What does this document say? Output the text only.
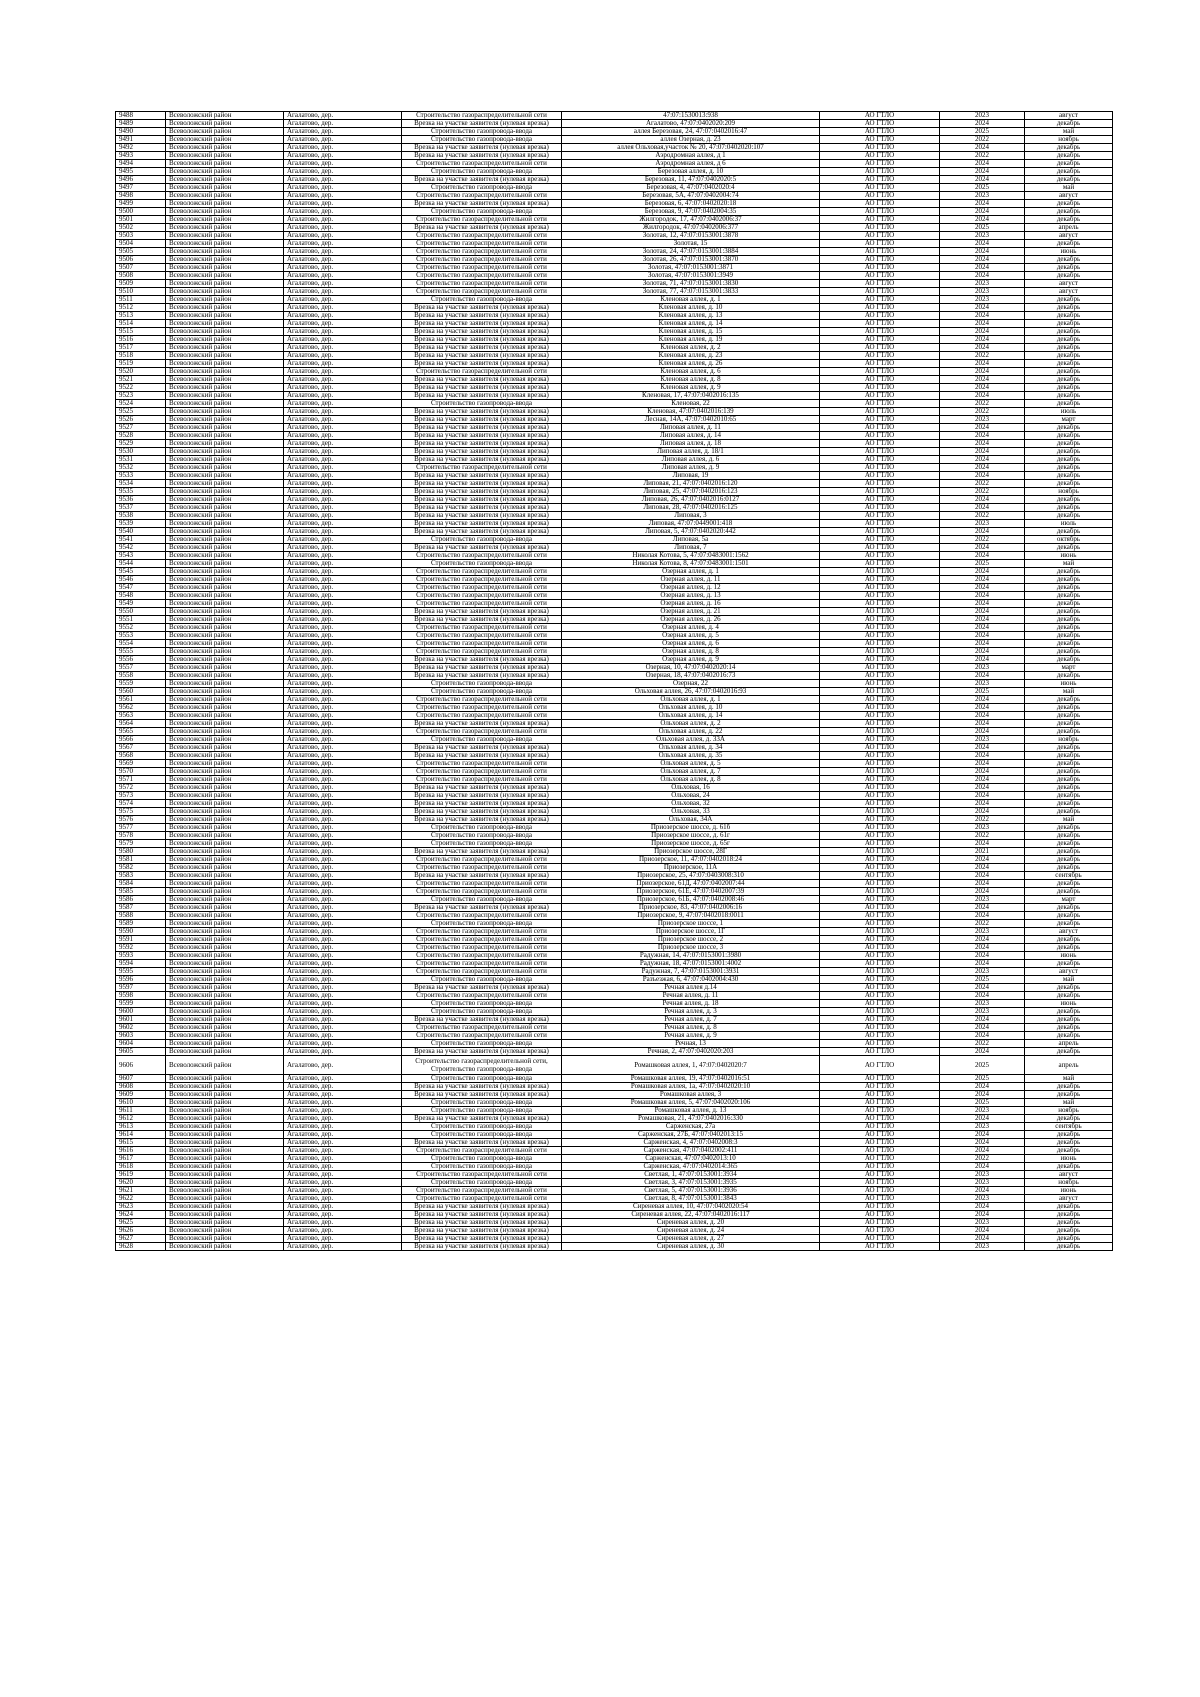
9488	Всеволожский район	Агалатово, дер.	Строительство газораспределительной сети	47:07:1530013:938	АО ГТЛО	2023	август
9489	Всеволожский район	Агалатово, дер.	Врезка на участке заявителя (нулевая врезка)	Агалатово, 47:07:0402020:209	АО ГТЛО	2024	декабрь
9490	Всеволожский район	Агалатово, дер.	Строительство газопровода-ввода	аллея Березовая, 24, 47:07:0402016:47	АО ГТЛО	2025	май
9491	Всеволожский район	Агалатово, дер.	Строительство газопровода-ввода	аллея Озерная, д. 23	АО ГТЛО	2022	ноябрь
9492	Всеволожский район	Агалатово, дер.	Врезка на участке заявителя (нулевая врезка)	аллея Ольховая,участок № 20, 47:07:0402020:107	АО ГТЛО	2024	декабрь
9493	Всеволожский район	Агалатово, дер.	Врезка на участке заявителя (нулевая врезка)	Аэродромная аллея, д 1	АО ГТЛО	2022	декабрь
9494	Всеволожский район	Агалатово, дер.	Строительство газораспределительной сети	Аэродромная аллея, д 6	АО ГТЛО	2024	декабрь
9495	Всеволожский район	Агалатово, дер.	Строительство газопровода-ввода	Березовая аллея, д. 10	АО ГТЛО	2024	декабрь
9496	Всеволожский район	Агалатово, дер.	Врезка на участке заявителя (нулевая врезка)	Березовая, 11, 47:07:0402020:5	АО ГТЛО	2024	декабрь
9497	Всеволожский район	Агалатово, дер.	Строительство газопровода-ввода	Березовая, 4, 47:07:0402020:4	АО ГТЛО	2025	май
9498	Всеволожский район	Агалатово, дер.	Строительство газораспределительной сети	Березовая, 5А, 47:07:0402004:74	АО ГТЛО	2023	август
9499	Всеволожский район	Агалатово, дер.	Врезка на участке заявителя (нулевая врезка)	Березовая, 6, 47:07:0402020:18	АО ГТЛО	2024	декабрь
9500	Всеволожский район	Агалатово, дер.	Строительство газопровода-ввода	Березовая, 9, 47:07:0402004:35	АО ГТЛО	2024	декабрь
9501	Всеволожский район	Агалатово, дер.	Строительство газораспределительной сети	Жилгородок, 17, 47:07:0402006:37	АО ГТЛО	2024	декабрь
9502	Всеволожский район	Агалатово, дер.	Врезка на участке заявителя (нулевая врезка)	Жилгородок, 47:07:0402006:377	АО ГТЛО	2025	апрель
9503	Всеволожский район	Агалатово, дер.	Строительство газораспределительной сети	Золотая, 12, 47:07:0153001:3878	АО ГТЛО	2023	август
9504	Всеволожский район	Агалатово, дер.	Строительство газораспределительной сети	Золотая, 15	АО ГТЛО	2024	декабрь
9505	Всеволожский район	Агалатово, дер.	Строительство газораспределительной сети	Золотая, 24, 47:07:0153001:3884	АО ГТЛО	2024	июнь
9506	Всеволожский район	Агалатово, дер.	Строительство газораспределительной сети	Золотая, 26, 47:07:0153001:3870	АО ГТЛО	2024	декабрь
9507	Всеволожский район	Агалатово, дер.	Строительство газораспределительной сети	Золотая, 47:07:0153001:3871	АО ГТЛО	2024	декабрь
9508	Всеволожский район	Агалатово, дер.	Строительство газораспределительной сети	Золотая, 47:07:0153001:3949	АО ГТЛО	2024	декабрь
9509	Всеволожский район	Агалатово, дер.	Строительство газораспределительной сети	Золотая, 71, 47:07:0153001:3830	АО ГТЛО	2023	август
9510	Всеволожский район	Агалатово, дер.	Строительство газораспределительной сети	Золотая, 77, 47:07:0153001:3833	АО ГТЛО	2023	август
9511	Всеволожский район	Агалатово, дер.	Строительство газопровода-ввода	Кленовая аллея, д. 1	АО ГТЛО	2023	декабрь
9512	Всеволожский район	Агалатово, дер.	Врезка на участке заявителя (нулевая врезка)	Кленовая аллея, д. 10	АО ГТЛО	2024	декабрь
9513	Всеволожский район	Агалатово, дер.	Врезка на участке заявителя (нулевая врезка)	Кленовая аллея, д. 13	АО ГТЛО	2024	декабрь
9514	Всеволожский район	Агалатово, дер.	Врезка на участке заявителя (нулевая врезка)	Кленовая аллея, д. 14	АО ГТЛО	2024	декабрь
9515	Всеволожский район	Агалатово, дер.	Врезка на участке заявителя (нулевая врезка)	Кленовая аллея, д. 15	АО ГТЛО	2024	декабрь
9516	Всеволожский район	Агалатово, дер.	Врезка на участке заявителя (нулевая врезка)	Кленовая аллея, д. 19	АО ГТЛО	2024	декабрь
9517	Всеволожский район	Агалатово, дер.	Врезка на участке заявителя (нулевая врезка)	Кленовая аллея, д. 2	АО ГТЛО	2024	декабрь
9518	Всеволожский район	Агалатово, дер.	Врезка на участке заявителя (нулевая врезка)	Кленовая аллея, д. 23	АО ГТЛО	2022	декабрь
9519	Всеволожский район	Агалатово, дер.	Врезка на участке заявителя (нулевая врезка)	Кленовая аллея, д. 26	АО ГТЛО	2024	декабрь
9520	Всеволожский район	Агалатово, дер.	Строительство газораспределительной сети	Кленовая аллея, д. 6	АО ГТЛО	2024	декабрь
9521	Всеволожский район	Агалатово, дер.	Врезка на участке заявителя (нулевая врезка)	Кленовая аллея, д. 8	АО ГТЛО	2024	декабрь
9522	Всеволожский район	Агалатово, дер.	Врезка на участке заявителя (нулевая врезка)	Кленовая аллея, д. 9	АО ГТЛО	2024	декабрь
9523	Всеволожский район	Агалатово, дер.	Врезка на участке заявителя (нулевая врезка)	Кленовая, 17, 47:07:0402016:135	АО ГТЛО	2024	декабрь
9524	Всеволожский район	Агалатово, дер.	Строительство газопровода-ввода	Кленовая, 22	АО ГТЛО	2022	декабрь
9525	Всеволожский район	Агалатово, дер.	Врезка на участке заявителя (нулевая врезка)	Кленовая, 47:07:0402016:139	АО ГТЛО	2022	июль
9526	Всеволожский район	Агалатово, дер.	Врезка на участке заявителя (нулевая врезка)	Лесная, 14А, 47:07:0402010:65	АО ГТЛО	2023	март
9527	Всеволожский район	Агалатово, дер.	Врезка на участке заявителя (нулевая врезка)	Липовая аллея, д. 11	АО ГТЛО	2024	декабрь
9528	Всеволожский район	Агалатово, дер.	Врезка на участке заявителя (нулевая врезка)	Липовая аллея, д. 14	АО ГТЛО	2024	декабрь
9529	Всеволожский район	Агалатово, дер.	Врезка на участке заявителя (нулевая врезка)	Липовая аллея, д. 18	АО ГТЛО	2024	декабрь
9530	Всеволожский район	Агалатово, дер.	Врезка на участке заявителя (нулевая врезка)	Липовая аллея, д. 18/1	АО ГТЛО	2024	декабрь
9531	Всеволожский район	Агалатово, дер.	Врезка на участке заявителя (нулевая врезка)	Липовая аллея, д. 6	АО ГТЛО	2024	декабрь
9532	Всеволожский район	Агалатово, дер.	Строительство газораспределительной сети	Липовая аллея, д. 9	АО ГТЛО	2024	декабрь
9533	Всеволожский район	Агалатово, дер.	Врезка на участке заявителя (нулевая врезка)	Липовая, 19	АО ГТЛО	2024	декабрь
9534	Всеволожский район	Агалатово, дер.	Врезка на участке заявителя (нулевая врезка)	Липовая, 21, 47:07:0402016:120	АО ГТЛО	2022	декабрь
9535	Всеволожский район	Агалатово, дер.	Врезка на участке заявителя (нулевая врезка)	Липовая, 25, 47:07:0402016:123	АО ГТЛО	2022	ноябрь
9536	Всеволожский район	Агалатово, дер.	Врезка на участке заявителя (нулевая врезка)	Липовая, 26, 47:07:0402016:0127	АО ГТЛО	2024	декабрь
9537	Всеволожский район	Агалатово, дер.	Врезка на участке заявителя (нулевая врезка)	Липовая, 28, 47:07:0402016:125	АО ГТЛО	2024	декабрь
9538	Всеволожский район	Агалатово, дер.	Врезка на участке заявителя (нулевая врезка)	Липовая, 3	АО ГТЛО	2022	декабрь
9539	Всеволожский район	Агалатово, дер.	Врезка на участке заявителя (нулевая врезка)	Липовая, 47:07:0449001:418	АО ГТЛО	2023	июль
9540	Всеволожский район	Агалатово, дер.	Врезка на участке заявителя (нулевая врезка)	Липовая, 5, 47:07:0402020:442	АО ГТЛО	2024	декабрь
9541	Всеволожский район	Агалатово, дер.	Строительство газопровода-ввода	Липовая, 5а	АО ГТЛО	2022	октябрь
9542	Всеволожский район	Агалатово, дер.	Врезка на участке заявителя (нулевая врезка)	Липовая, 7	АО ГТЛО	2024	декабрь
9543	Всеволожский район	Агалатово, дер.	Строительство газораспределительной сети	Николая Котова, 5, 47:07:0483001:1562	АО ГТЛО	2024	июнь
9544	Всеволожский район	Агалатово, дер.	Строительство газопровода-ввода	Николая Котова, 8, 47:07:0483001:1501	АО ГТЛО	2025	май
9545	Всеволожский район	Агалатово, дер.	Строительство газораспределительной сети	Озерная аллея, д. 1	АО ГТЛО	2024	декабрь
9546	Всеволожский район	Агалатово, дер.	Строительство газораспределительной сети	Озерная аллея, д. 11	АО ГТЛО	2024	декабрь
9547	Всеволожский район	Агалатово, дер.	Строительство газораспределительной сети	Озерная аллея, д. 12	АО ГТЛО	2024	декабрь
9548	Всеволожский район	Агалатово, дер.	Строительство газораспределительной сети	Озерная аллея, д. 13	АО ГТЛО	2024	декабрь
9549	Всеволожский район	Агалатово, дер.	Строительство газораспределительной сети	Озерная аллея, д. 16	АО ГТЛО	2024	декабрь
9550	Всеволожский район	Агалатово, дер.	Врезка на участке заявителя (нулевая врезка)	Озерная аллея, д. 21	АО ГТЛО	2024	декабрь
9551	Всеволожский район	Агалатово, дер.	Врезка на участке заявителя (нулевая врезка)	Озерная аллея, д. 26	АО ГТЛО	2024	декабрь
9552	Всеволожский район	Агалатово, дер.	Строительство газораспределительной сети	Озерная аллея, д. 4	АО ГТЛО	2024	декабрь
9553	Всеволожский район	Агалатово, дер.	Строительство газораспределительной сети	Озерная аллея, д. 5	АО ГТЛО	2024	декабрь
9554	Всеволожский район	Агалатово, дер.	Строительство газораспределительной сети	Озерная аллея, д. 6	АО ГТЛО	2024	декабрь
9555	Всеволожский район	Агалатово, дер.	Строительство газораспределительной сети	Озерная аллея, д. 8	АО ГТЛО	2024	декабрь
9556	Всеволожский район	Агалатово, дер.	Врезка на участке заявителя (нулевая врезка)	Озерная аллея, д. 9	АО ГТЛО	2024	декабрь
9557	Всеволожский район	Агалатово, дер.	Врезка на участке заявителя (нулевая врезка)	Озерная, 10, 47:07:0402020:14	АО ГТЛО	2023	март
9558	Всеволожский район	Агалатово, дер.	Врезка на участке заявителя (нулевая врезка)	Озерная, 18, 47:07:0402016:73	АО ГТЛО	2024	декабрь
9559	Всеволожский район	Агалатово, дер.	Строительство газопровода-ввода	Озерная, 22	АО ГТЛО	2023	июнь
9560	Всеволожский район	Агалатово, дер.	Строительство газопровода-ввода	Ольховая аллея, 26, 47:07:0402016:93	АО ГТЛО	2025	май
9561	Всеволожский район	Агалатово, дер.	Строительство газораспределительной сети	Ольховая аллея, д. 1	АО ГТЛО	2024	декабрь
9562	Всеволожский район	Агалатово, дер.	Строительство газораспределительной сети	Ольховая аллея, д. 10	АО ГТЛО	2024	декабрь
9563	Всеволожский район	Агалатово, дер.	Строительство газораспределительной сети	Ольховая аллея, д. 14	АО ГТЛО	2024	декабрь
9564	Всеволожский район	Агалатово, дер.	Врезка на участке заявителя (нулевая врезка)	Ольховая аллея, д. 2	АО ГТЛО	2024	декабрь
9565	Всеволожский район	Агалатово, дер.	Строительство газораспределительной сети	Ольховая аллея, д. 22	АО ГТЛО	2024	декабрь
9566	Всеволожский район	Агалатово, дер.	Строительство газопровода-ввода	Ольховая аллея, д. 33А	АО ГТЛО	2023	ноябрь
9567	Всеволожский район	Агалатово, дер.	Врезка на участке заявителя (нулевая врезка)	Ольховая аллея, д. 34	АО ГТЛО	2024	декабрь
9568	Всеволожский район	Агалатово, дер.	Врезка на участке заявителя (нулевая врезка)	Ольховая аллея, д. 35	АО ГТЛО	2024	декабрь
9569	Всеволожский район	Агалатово, дер.	Строительство газораспределительной сети	Ольховая аллея, д. 5	АО ГТЛО	2024	декабрь
9570	Всеволожский район	Агалатово, дер.	Строительство газораспределительной сети	Ольховая аллея, д. 7	АО ГТЛО	2024	декабрь
9571	Всеволожский район	Агалатово, дер.	Строительство газораспределительной сети	Ольховая аллея, д. 8	АО ГТЛО	2024	декабрь
9572	Всеволожский район	Агалатово, дер.	Врезка на участке заявителя (нулевая врезка)	Ольховая, 16	АО ГТЛО	2024	декабрь
9573	Всеволожский район	Агалатово, дер.	Врезка на участке заявителя (нулевая врезка)	Ольховая, 24	АО ГТЛО	2024	декабрь
9574	Всеволожский район	Агалатово, дер.	Врезка на участке заявителя (нулевая врезка)	Ольховая, 32	АО ГТЛО	2024	декабрь
9575	Всеволожский район	Агалатово, дер.	Врезка на участке заявителя (нулевая врезка)	Ольховая, 33	АО ГТЛО	2024	декабрь
9576	Всеволожский район	Агалатово, дер.	Врезка на участке заявителя (нулевая врезка)	Ольховая, 34А	АО ГТЛО	2022	май
9577	Всеволожский район	Агалатово, дер.	Строительство газопровода-ввода	Приозерское шоссе, д. 61б	АО ГТЛО	2023	декабрь
9578	Всеволожский район	Агалатово, дер.	Строительство газопровода-ввода	Приозерское шоссе, д. 61г	АО ГТЛО	2022	декабрь
9579	Всеволожский район	Агалатово, дер.	Строительство газопровода-ввода	Приозерское шоссе, д. 65г	АО ГТЛО	2024	декабрь
9580	Всеволожский район	Агалатово, дер.	Врезка на участке заявителя (нулевая врезка)	Приозерское шоссе, 28Г	АО ГТЛО	2021	декабрь
9581	Всеволожский район	Агалатово, дер.	Строительство газораспределительной сети	Приозерское, 11, 47:07:0402018:24	АО ГТЛО	2024	декабрь
9582	Всеволожский район	Агалатово, дер.	Строительство газораспределительной сети	Приозерское, 11А	АО ГТЛО	2024	декабрь
9583	Всеволожский район	Агалатово, дер.	Врезка на участке заявителя (нулевая врезка)	Приозерское, 25, 47:07:0403008:310	АО ГТЛО	2024	сентябрь
9584	Всеволожский район	Агалатово, дер.	Строительство газораспределительной сети	Приозерское, 61Д, 47:07:0402007:44	АО ГТЛО	2024	декабрь
9585	Всеволожский район	Агалатово, дер.	Строительство газораспределительной сети	Приозерское, 61Е, 47:07:0402007:39	АО ГТЛО	2024	декабрь
9586	Всеволожский район	Агалатово, дер.	Строительство газопровода-ввода	Приозерское, 61Б, 47:07:0402008:46	АО ГТЛО	2023	март
9587	Всеволожский район	Агалатово, дер.	Врезка на участке заявителя (нулевая врезка)	Приозерское, 83, 47:07:0402006:16	АО ГТЛО	2024	декабрь
9588	Всеволожский район	Агалатово, дер.	Строительство газораспределительной сети	Приозерское, 9, 47:07:0402018:0011	АО ГТЛО	2024	декабрь
9589	Всеволожский район	Агалатово, дер.	Строительство газопровода-ввода	Приозерское шоссе, 1	АО ГТЛО	2022	декабрь
9590	Всеволожский район	Агалатово, дер.	Строительство газораспределительной сети	Приозерское шоссе, 1Г	АО ГТЛО	2023	август
9591	Всеволожский район	Агалатово, дер.	Строительство газораспределительной сети	Приозерское шоссе, 2	АО ГТЛО	2024	декабрь
9592	Всеволожский район	Агалатово, дер.	Строительство газораспределительной сети	Приозерское шоссе, 3	АО ГТЛО	2024	декабрь
9593	Всеволожский район	Агалатово, дер.	Строительство газораспределительной сети	Радужная, 14, 47:07:0153001:3980	АО ГТЛО	2024	июнь
9594	Всеволожский район	Агалатово, дер.	Строительство газораспределительной сети	Радужная, 18, 47:07:0153001:4002	АО ГТЛО	2024	декабрь
9595	Всеволожский район	Агалатово, дер.	Строительство газораспределительной сети	Радужная, 7, 47:07:0153001:3931	АО ГТЛО	2023	август
9596	Всеволожский район	Агалатово, дер.	Строительство газопровода-ввода	Разъезжая, 6, 47:07:0402004:430	АО ГТЛО	2025	май
9597	Всеволожский район	Агалатово, дер.	Врезка на участке заявителя (нулевая врезка)	Речная аллея д.14	АО ГТЛО	2024	декабрь
9598	Всеволожский район	Агалатово, дер.	Строительство газораспределительной сети	Речная аллея, д. 11	АО ГТЛО	2024	декабрь
9599	Всеволожский район	Агалатово, дер.	Строительство газопровода-ввода	Речная аллея, д. 18	АО ГТЛО	2023	июнь
9600	Всеволожский район	Агалатово, дер.	Строительство газопровода-ввода	Речная аллея, д. 3	АО ГТЛО	2023	декабрь
9601	Всеволожский район	Агалатово, дер.	Врезка на участке заявителя (нулевая врезка)	Речная аллея, д. 7	АО ГТЛО	2024	декабрь
9602	Всеволожский район	Агалатово, дер.	Строительство газораспределительной сети	Речная аллея, д. 8	АО ГТЛО	2024	декабрь
9603	Всеволожский район	Агалатово, дер.	Строительство газораспределительной сети	Речная аллея, д. 9	АО ГТЛО	2024	декабрь
9604	Всеволожский район	Агалатово, дер.	Строительство газопровода-ввода	Речная, 13	АО ГТЛО	2022	апрель
9605	Всеволожский район	Агалатово, дер.	Врезка на участке заявителя (нулевая врезка)	Речная, 2, 47:07:0402020:203	АО ГТЛО	2024	декабрь
9606	Всеволожский район	Агалатово, дер.	Строительство газораспределительной сети, Строительство газопровода-ввода	Ромашковая аллея, 1, 47:07:0402020:7	АО ГТЛО	2025	апрель
9607	Всеволожский район	Агалатово, дер.	Строительство газопровода-ввода	Ромашковая аллея, 19, 47:07:0402016:51	АО ГТЛО	2025	май
9608	Всеволожский район	Агалатово, дер.	Врезка на участке заявителя (нулевая врезка)	Ромашковая аллея, 1а, 47:07:0402020:10	АО ГТЛО	2024	декабрь
9609	Всеволожский район	Агалатово, дер.	Врезка на участке заявителя (нулевая врезка)	Ромашковая аллея, 3	АО ГТЛО	2024	декабрь
9610	Всеволожский район	Агалатово, дер.	Строительство газопровода-ввода	Ромашковая аллея, 5, 47:07:0402020:106	АО ГТЛО	2025	май
9611	Всеволожский район	Агалатово, дер.	Строительство газопровода-ввода	Ромашковая аллея, д. 13	АО ГТЛО	2023	ноябрь
9612	Всеволожский район	Агалатово, дер.	Врезка на участке заявителя (нулевая врезка)	Ромашковая, 21, 47:07:0402016:330	АО ГТЛО	2024	декабрь
9613	Всеволожский район	Агалатово, дер.	Строительство газопровода-ввода	Сарженская, 27а	АО ГТЛО	2023	сентябрь
9614	Всеволожский район	Агалатово, дер.	Строительство газопровода-ввода	Сарженская, 27Б, 47:07:0402013:15	АО ГТЛО	2024	декабрь
9615	Всеволожский район	Агалатово, дер.	Врезка на участке заявителя (нулевая врезка)	Сарженская, 4, 47:07:0402008:3	АО ГТЛО	2024	декабрь
9616	Всеволожский район	Агалатово, дер.	Строительство газораспределительной сети	Сарженская, 47:07:0402002:411	АО ГТЛО	2024	декабрь
9617	Всеволожский район	Агалатово, дер.	Строительство газопровода-ввода	Сарженская, 47:07:0402013:10	АО ГТЛО	2022	июнь
9618	Всеволожский район	Агалатово, дер.	Строительство газопровода-ввода	Сарженская, 47:07:0402014:365	АО ГТЛО	2024	декабрь
9619	Всеволожский район	Агалатово, дер.	Строительство газораспределительной сети	Светлая, 1, 47:07:0153001:3934	АО ГТЛО	2023	август
9620	Всеволожский район	Агалатово, дер.	Строительство газопровода-ввода	Светлая, 3, 47:07:0153001:3935	АО ГТЛО	2023	ноябрь
9621	Всеволожский район	Агалатово, дер.	Строительство газораспределительной сети	Светлая, 5, 47:07:0153001:3936	АО ГТЛО	2024	июнь
9622	Всеволожский район	Агалатово, дер.	Строительство газораспределительной сети	Светлая, 8, 47:07:0153001:3843	АО ГТЛО	2023	август
9623	Всеволожский район	Агалатово, дер.	Врезка на участке заявителя (нулевая врезка)	Сиреневая аллея, 10, 47:07:0402020:54	АО ГТЛО	2024	декабрь
9624	Всеволожский район	Агалатово, дер.	Врезка на участке заявителя (нулевая врезка)	Сиреневая аллея, 22, 47:07:0402016:117	АО ГТЛО	2024	декабрь
9625	Всеволожский район	Агалатово, дер.	Врезка на участке заявителя (нулевая врезка)	Сиреневая аллея, д. 20	АО ГТЛО	2023	декабрь
9626	Всеволожский район	Агалатово, дер.	Врезка на участке заявителя (нулевая врезка)	Сиреневая аллея, д. 24	АО ГТЛО	2024	декабрь
9627	Всеволожский район	Агалатово, дер.	Врезка на участке заявителя (нулевая врезка)	Сиреневая аллея, д. 27	АО ГТЛО	2024	декабрь
9628	Всеволожский район	Агалатово, дер.	Врезка на участке заявителя (нулевая врезка)	Сиреневая аллея, д. 30	АО ГТЛО	2023	декабрь
